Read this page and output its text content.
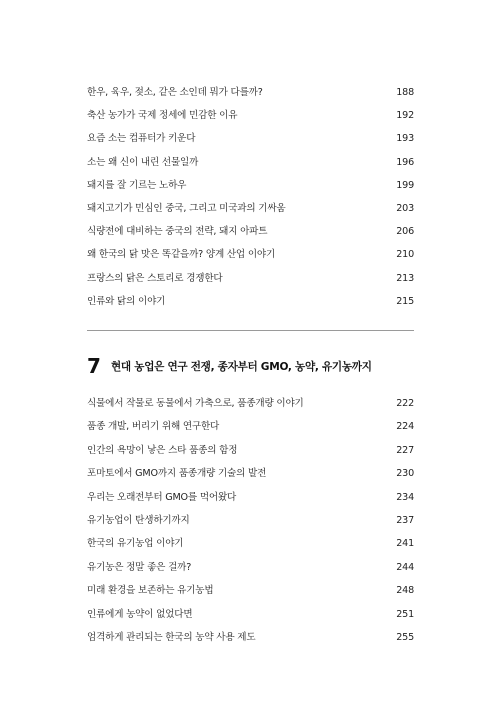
한우, 육우, 젖소, 같은 소인데 뭐가 다를까?	188
축산 농가가 국제 정세에 민감한 이유	192
요즘 소는 컴퓨터가 키운다	193
소는 왜 신이 내린 선물일까	196
돼지를 잘 기르는 노하우	199
돼지고기가 민심인 중국, 그리고 미국과의 기싸움	203
식량전에 대비하는 중국의 전략, 돼지 아파트	206
왜 한국의 닭 맛은 똑같을까? 양계 산업 이야기	210
프랑스의 닭은 스토리로 경쟁한다	213
인류와 닭의 이야기	215
7 현대 농업은 연구 전쟁, 종자부터 GMO, 농약, 유기농까지
식물에서 작물로 동물에서 가축으로, 품종개량 이야기	222
품종 개발, 버리기 위해 연구한다	224
인간의 욕망이 낳은 스타 품종의 함정	227
포마토에서 GMO까지 품종개량 기술의 발전	230
우리는 오래전부터 GMO를 먹어왔다	234
유기농업이 탄생하기까지	237
한국의 유기농업 이야기	241
유기농은 정말 좋은 걸까?	244
미래 환경을 보존하는 유기농법	248
인류에게 농약이 없었다면	251
엄격하게 관리되는 한국의 농약 사용 제도	255
